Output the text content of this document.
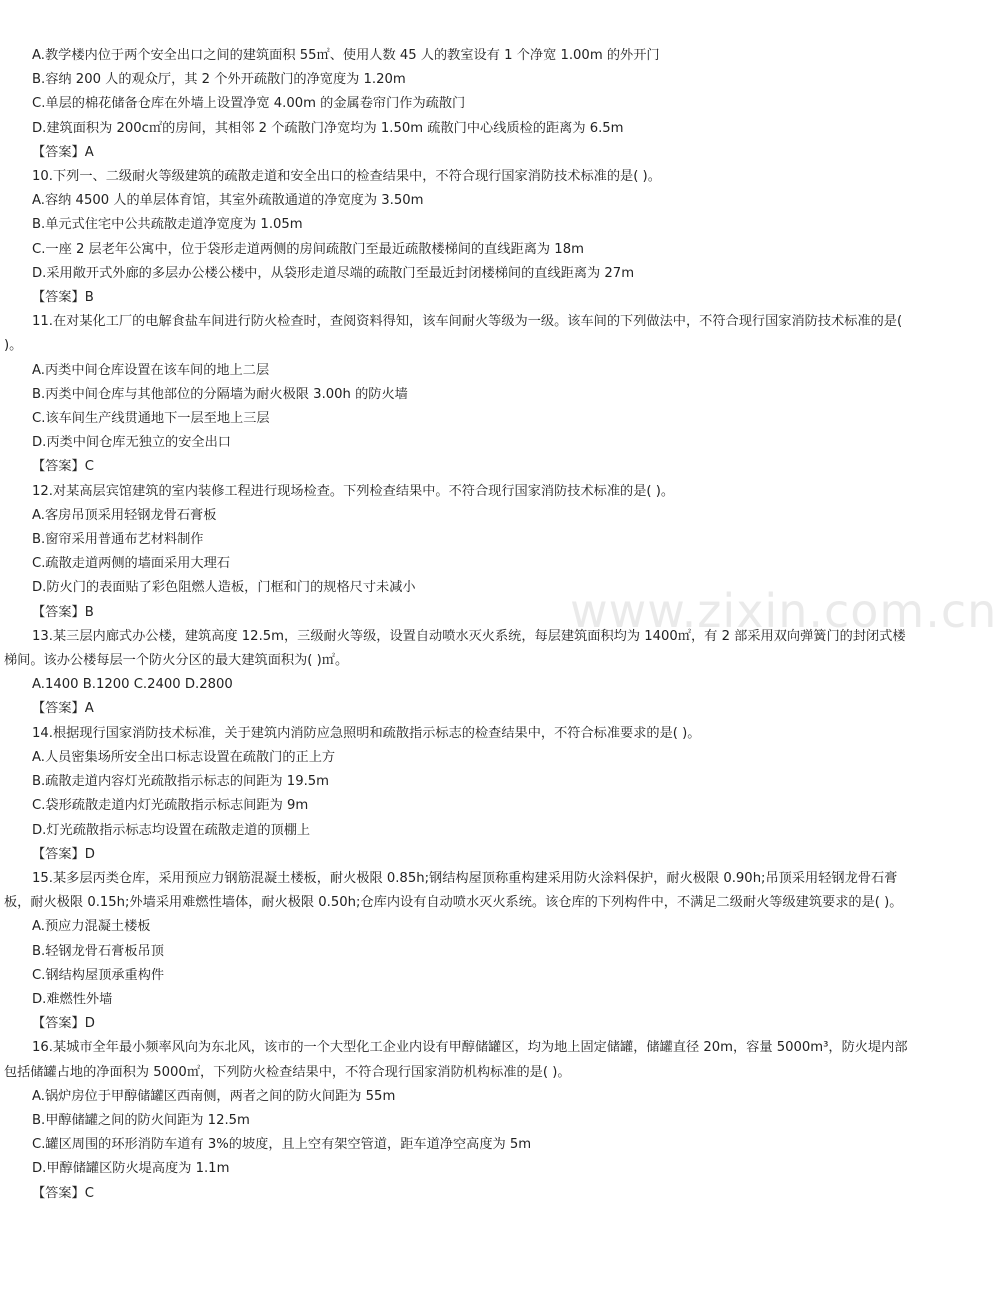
www.zixin.com.cn
A.教学楼内位于两个安全出口之间的建筑面积 55㎡、使用人数 45 人的教室设有 1 个净宽 1.00m 的外开门
B.容纳 200 人的观众厅，其 2 个外开疏散门的净宽度为 1.20m
C.单层的棉花储备仓库在外墙上设置净宽 4.00m 的金属卷帘门作为疏散门
D.建筑面积为 200c㎡的房间，其相邻 2 个疏散门净宽均为 1.50m 疏散门中心线质检的距离为 6.5m
【答案】A
10.下列一、二级耐火等级建筑的疏散走道和安全出口的检查结果中，不符合现行国家消防技术标准的是( )。
A.容纳 4500 人的单层体育馆，其室外疏散通道的净宽度为 3.50m
B.单元式住宅中公共疏散走道净宽度为 1.05m
C.一座 2 层老年公寓中，位于袋形走道两侧的房间疏散门至最近疏散楼梯间的直线距离为 18m
D.采用敞开式外廊的多层办公楼公楼中，从袋形走道尽端的疏散门至最近封闭楼梯间的直线距离为 27m
【答案】B
11.在对某化工厂的电解食盐车间进行防火检查时，查阅资料得知，该车间耐火等级为一级。该车间的下列做法中，不符合现行国家消防技术标准的是( )。
A.丙类中间仓库设置在该车间的地上二层
B.丙类中间仓库与其他部位的分隔墙为耐火极限 3.00h 的防火墙
C.该车间生产线贯通地下一层至地上三层
D.丙类中间仓库无独立的安全出口
【答案】C
12.对某高层宾馆建筑的室内装修工程进行现场检查。下列检查结果中。不符合现行国家消防技术标准的是( )。
A.客房吊顶采用轻钢龙骨石膏板
B.窗帘采用普通布艺材料制作
C.疏散走道两侧的墙面采用大理石
D.防火门的表面贴了彩色阻燃人造板，门框和门的规格尺寸未减小
【答案】B
13.某三层内廊式办公楼，建筑高度 12.5m，三级耐火等级，设置自动喷水灭火系统，每层建筑面积均为 1400㎡，有 2 部采用双向弹簧门的封闭式楼梯间。该办公楼每层一个防火分区的最大建筑面积为( )㎡。
A.1400 B.1200 C.2400 D.2800
【答案】A
14.根据现行国家消防技术标准，关于建筑内消防应急照明和疏散指示标志的检查结果中，不符合标准要求的是( )。
A.人员密集场所安全出口标志设置在疏散门的正上方
B.疏散走道内容灯光疏散指示标志的间距为 19.5m
C.袋形疏散走道内灯光疏散指示标志间距为 9m
D.灯光疏散指示标志均设置在疏散走道的顶棚上
【答案】D
15.某多层丙类仓库，采用预应力钢筋混凝土楼板，耐火极限 0.85h;钢结构屋顶称重构建采用防火涂料保护，耐火极限 0.90h;吊顶采用轻钢龙骨石膏板，耐火极限 0.15h;外墙采用难燃性墙体，耐火极限 0.50h;仓库内设有自动喷水灭火系统。该仓库的下列构件中，不满足二级耐火等级建筑要求的是( )。
A.预应力混凝土楼板
B.轻钢龙骨石膏板吊顶
C.钢结构屋顶承重构件
D.难燃性外墙
【答案】D
16.某城市全年最小频率风向为东北风，该市的一个大型化工企业内设有甲醇储罐区，均为地上固定储罐，储罐直径 20m，容量 5000m³，防火堤内部包括储罐占地的净面积为 5000㎡，下列防火检查结果中，不符合现行国家消防机构标准的是( )。
A.锅炉房位于甲醇储罐区西南侧，两者之间的防火间距为 55m
B.甲醇储罐之间的防火间距为 12.5m
C.罐区周围的环形消防车道有 3%的坡度，且上空有架空管道，距车道净空高度为 5m
D.甲醇储罐区防火堤高度为 1.1m
【答案】C
